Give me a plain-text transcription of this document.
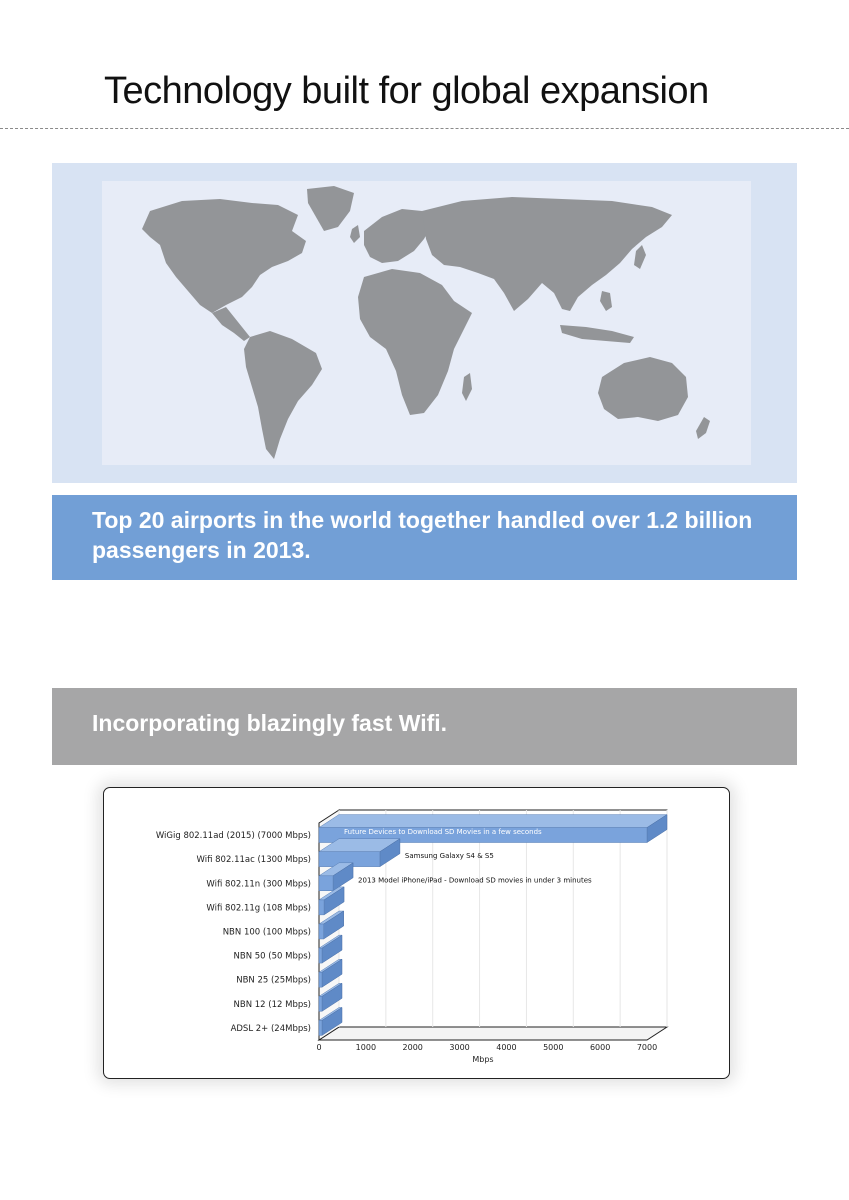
Technology built for global expansion

Top 20 airports in the world together handled over 1.2 billion passengers in 2013.

Incorporating blazingly fast Wifi.

0	1000	2000	3000	4000	5000	6000	7000
Mbps
WiGig 802.11ad (2015) (7000 Mbps)
Wifi 802.11ac (1300 Mbps)
Wifi 802.11n (300 Mbps)
Wifi 802.11g (108 Mbps)
NBN 100 (100 Mbps)
NBN 50 (50 Mbps)
NBN 25 (25Mbps)
NBN 12 (12 Mbps)
ADSL 2+ (24Mbps)
Future Devices to Download SD Movies in a few seconds
Samsung Galaxy S4 & S5
2013 Model iPhone/iPad - Download SD movies in under 3 minutes
